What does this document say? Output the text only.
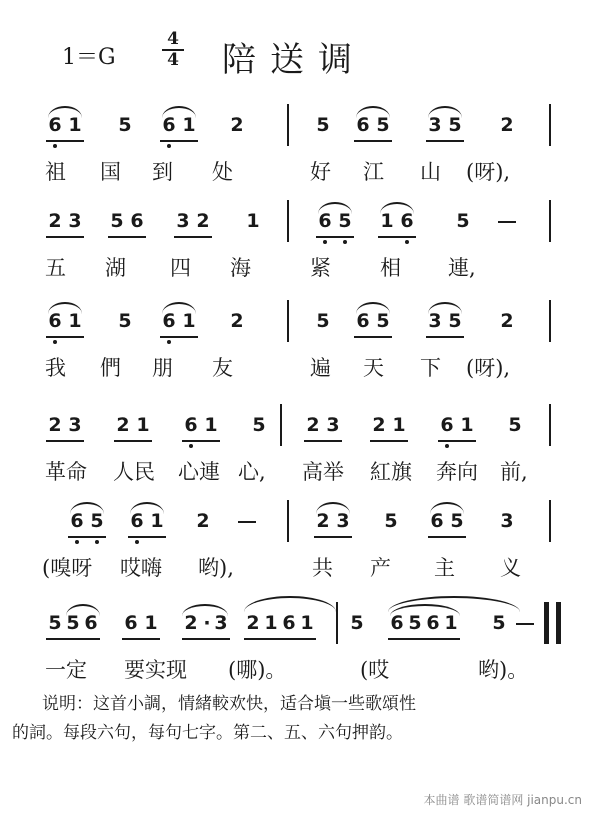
1＝G
4
4 陪送调
6 1 5 6 1 2	5 6 5 3 5 2
祖 国 到 处	好 江 山 (呀),
2 3 5 6 3 2 1	6 5 1 6 5
五 湖 四 海	紧 相 連,
6 1 5 6 1 2	5 6 5 3 5 2
我 們 朋 友	遍 天 下 (呀),
2 3 2 1 6 1 5 2 3 2 1 6 1 5
革命 人民 心連 心, 高举 紅旗 奔向 前,
6 5 6 1 2	2 3 5 6 5 3
(嗅呀 哎嗨 哟),	共 产 主 义
5 5 6 6 1 2 · 3 2 1 6 1 5 6 5 6 1 5
一定 要实现 (哪)。	(哎	哟)。
说明：这首小調，情緒較欢快，适合塡一些歌頌性
的詞。每段六句，每句七字。第二、五、六句押韵。
本曲谱 歌谱简谱网 jianpu.cn
